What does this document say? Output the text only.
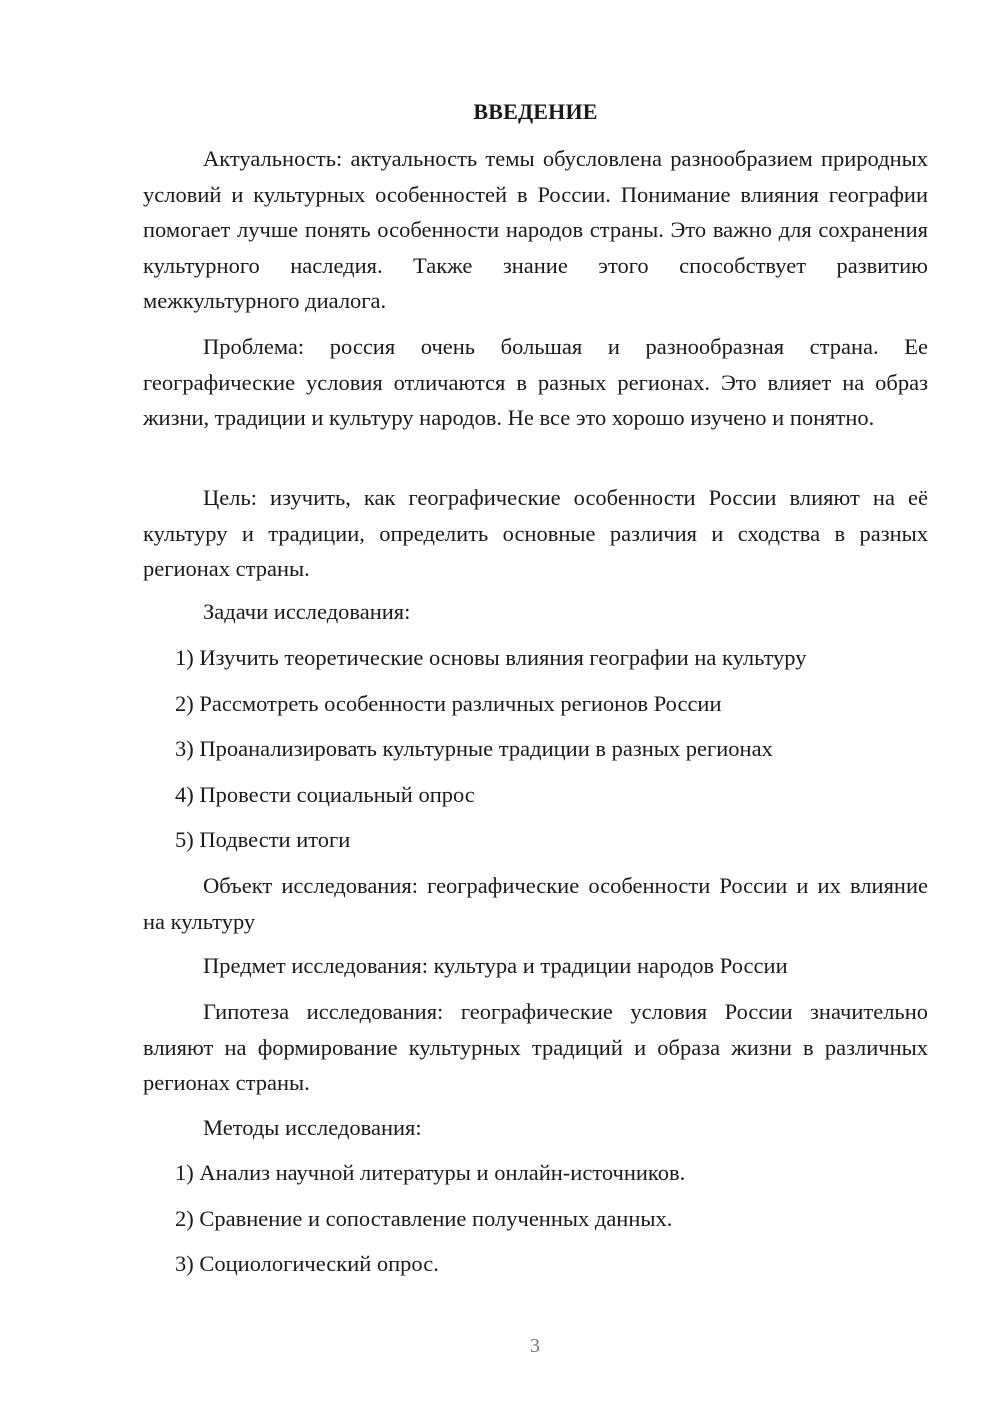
ВВЕДЕНИЕ

Актуальность: актуальность темы обусловлена разнообразием природных условий и культурных особенностей в России. Понимание влияния географии помогает лучше понять особенности народов страны. Это важно для сохранения культурного наследия. Также знание этого способствует развитию межкультурного диалога.

Проблема: россия очень большая и разнообразная страна. Ее географические условия отличаются в разных регионах. Это влияет на образ жизни, традиции и культуру народов. Не все это хорошо изучено и понятно.

Цель: изучить, как географические особенности России влияют на её культуру и традиции, определить основные различия и сходства в разных регионах страны.

Задачи исследования:
1) Изучить теоретические основы влияния географии на культуру
2) Рассмотреть особенности различных регионов России
3) Проанализировать культурные традиции в разных регионах
4) Провести социальный опрос
5) Подвести итоги

Объект исследования: географические особенности России и их влияние на культуру

Предмет исследования: культура и традиции народов России

Гипотеза исследования: географические условия России значительно влияют на формирование культурных традиций и образа жизни в различных регионах страны.

Методы исследования:
1) Анализ научной литературы и онлайн-источников.
2) Сравнение и сопоставление полученных данных.
3) Социологический опрос.
3
